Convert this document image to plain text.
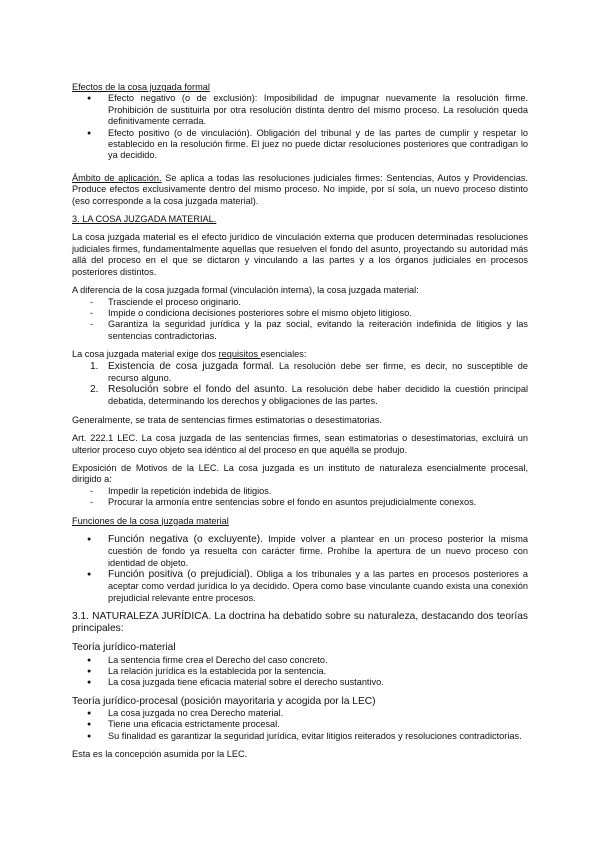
Efectos de la cosa juzgada formal

● Efecto negativo (o de exclusión): Imposibilidad de impugnar nuevamente la resolución firme. Prohibición de sustituirla por otra resolución distinta dentro del mismo proceso. La resolución queda definitivamente cerrada.
● Efecto positivo (o de vinculación). Obligación del tribunal y de las partes de cumplir y respetar lo establecido en la resolución firme. El juez no puede dictar resoluciones posteriores que contradigan lo ya decidido.

Ámbito de aplicación. Se aplica a todas las resoluciones judiciales firmes: Sentencias, Autos y Providencias. Produce efectos exclusivamente dentro del mismo proceso. No impide, por sí sola, un nuevo proceso distinto (eso corresponde a la cosa juzgada material).

3. LA COSA JUZGADA MATERIAL.

La cosa juzgada material es el efecto jurídico de vinculación externa que producen determinadas resoluciones judiciales firmes, fundamentalmente aquellas que resuelven el fondo del asunto, proyectando su autoridad más allá del proceso en el que se dictaron y vinculando a las partes y a los órganos judiciales en procesos posteriores distintos.

A diferencia de la cosa juzgada formal (vinculación interna), la cosa juzgada material:

- Trasciende el proceso originario.
- Impide o condiciona decisiones posteriores sobre el mismo objeto litigioso.
- Garantiza la seguridad jurídica y la paz social, evitando la reiteración indefinida de litigios y las sentencias contradictorias.

La cosa juzgada material exige dos requisitos esenciales:

1. Existencia de cosa juzgada formal. La resolución debe ser firme, es decir, no susceptible de recurso alguno.
2. Resolución sobre el fondo del asunto. La resolución debe haber decidido la cuestión principal debatida, determinando los derechos y obligaciones de las partes.

Generalmente, se trata de sentencias firmes estimatorias o desestimatorias.

Art. 222.1 LEC. La cosa juzgada de las sentencias firmes, sean estimatorias o desestimatorias, excluirá un ulterior proceso cuyo objeto sea idéntico al del proceso en que aquélla se produjo.

Exposición de Motivos de la LEC. La cosa juzgada es un instituto de naturaleza esencialmente procesal, dirigido a:

- Impedir la repetición indebida de litigios.
- Procurar la armonía entre sentencias sobre el fondo en asuntos prejudicialmente conexos.

Funciones de la cosa juzgada material

● Función negativa (o excluyente). Impide volver a plantear en un proceso posterior la misma cuestión de fondo ya resuelta con carácter firme. Prohíbe la apertura de un nuevo proceso con identidad de objeto.
● Función positiva (o prejudicial). Obliga a los tribunales y a las partes en procesos posteriores a aceptar como verdad jurídica lo ya decidido. Opera como base vinculante cuando exista una conexión prejudicial relevante entre procesos.

3.1. NATURALEZA JURÍDICA. La doctrina ha debatido sobre su naturaleza, destacando dos teorías principales:

Teoría jurídico-material

● La sentencia firme crea el Derecho del caso concreto.
● La relación jurídica es la establecida por la sentencia.
● La cosa juzgada tiene eficacia material sobre el derecho sustantivo.

Teoría jurídico-procesal (posición mayoritaria y acogida por la LEC)

● La cosa juzgada no crea Derecho material.
● Tiene una eficacia estrictamente procesal.
● Su finalidad es garantizar la seguridad jurídica, evitar litigios reiterados y resoluciones contradictorias.

Esta es la concepción asumida por la LEC.
